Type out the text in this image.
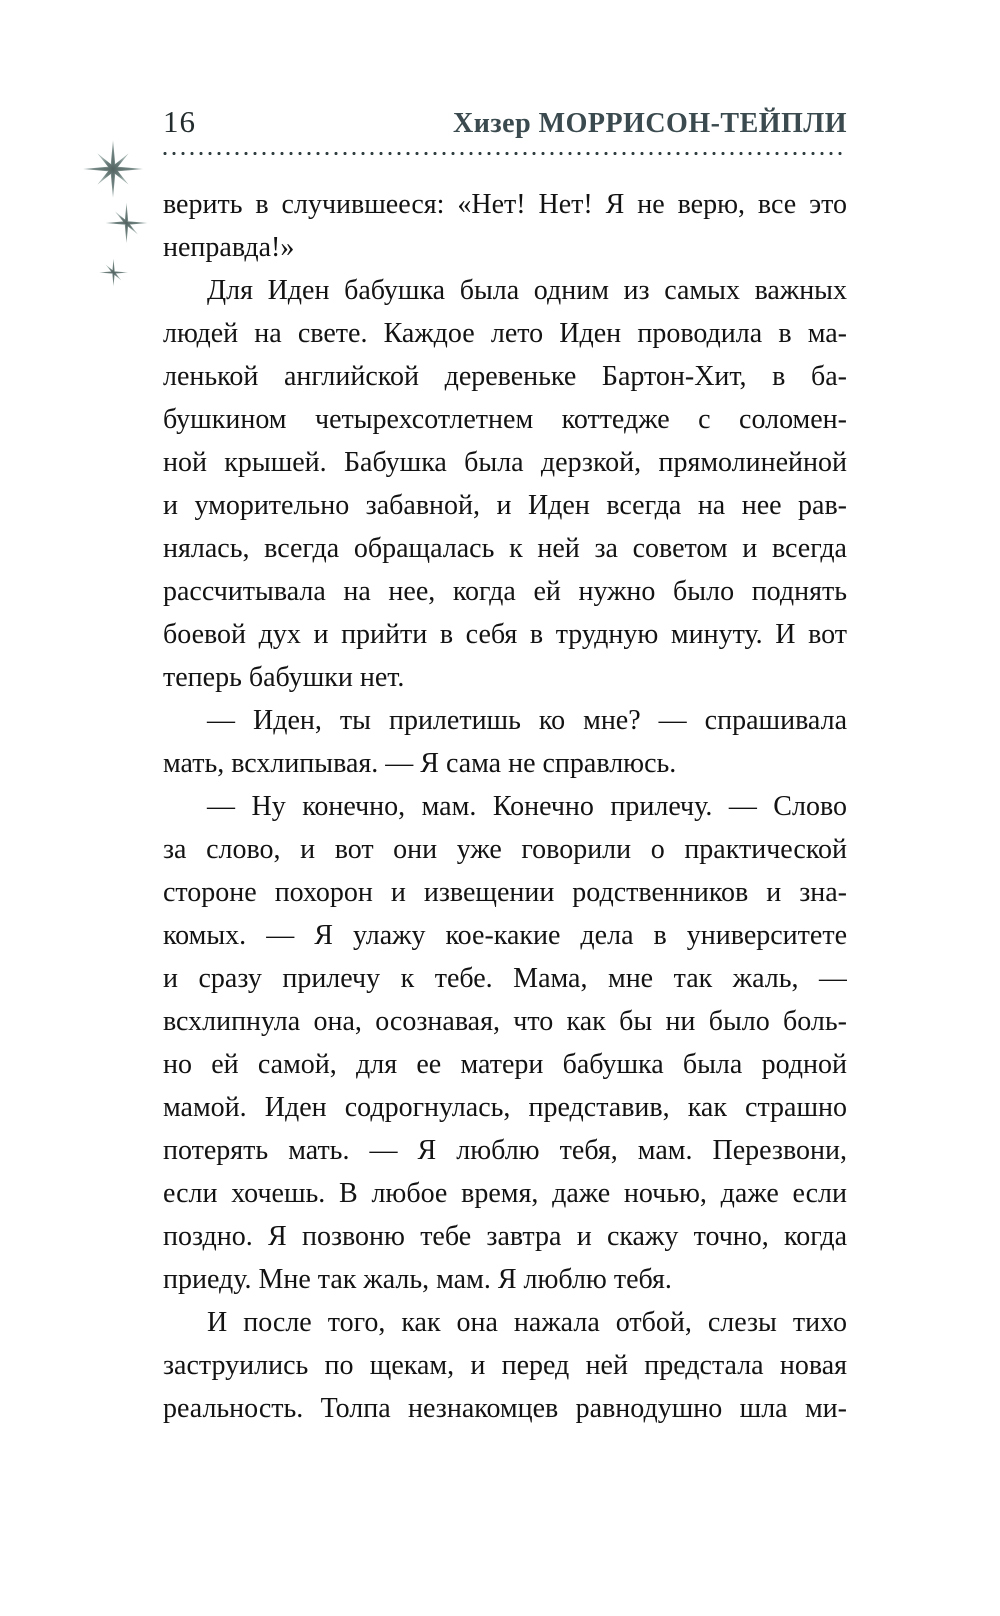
16	Хизер МОРРИСОН-ТЕЙПЛИ

верить в случившееся: «Нет! Нет! Я не верю, все это

неправда!»

Для Иден бабушка была одним из самых важных

людей на свете. Каждое лето Иден проводила в ма-

ленькой английской деревеньке Бартон-Хит, в ба-

бушкином четырехсотлетнем коттедже с соломен-

ной крышей. Бабушка была дерзкой, прямолинейной

и уморительно забавной, и Иден всегда на нее рав-

нялась, всегда обращалась к ней за советом и всегда

рассчитывала на нее, когда ей нужно было поднять

боевой дух и прийти в себя в трудную минуту. И вот

теперь бабушки нет.

— Иден, ты прилетишь ко мне? — спрашивала

мать, всхлипывая. — Я сама не справлюсь.

— Ну конечно, мам. Конечно прилечу. — Слово

за слово, и вот они уже говорили о практической

стороне похорон и извещении родственников и зна-

комых. — Я улажу кое-какие дела в университете

и сразу прилечу к тебе. Мама, мне так жаль, —

всхлипнула она, осознавая, что как бы ни было боль-

но ей самой, для ее матери бабушка была родной

мамой. Иден содрогнулась, представив, как страшно

потерять мать. — Я люблю тебя, мам. Перезвони,

если хочешь. В любое время, даже ночью, даже если

поздно. Я позвоню тебе завтра и скажу точно, когда

приеду. Мне так жаль, мам. Я люблю тебя.

И после того, как она нажала отбой, слезы тихо

заструились по щекам, и перед ней предстала новая

реальность. Толпа незнакомцев равнодушно шла ми-
